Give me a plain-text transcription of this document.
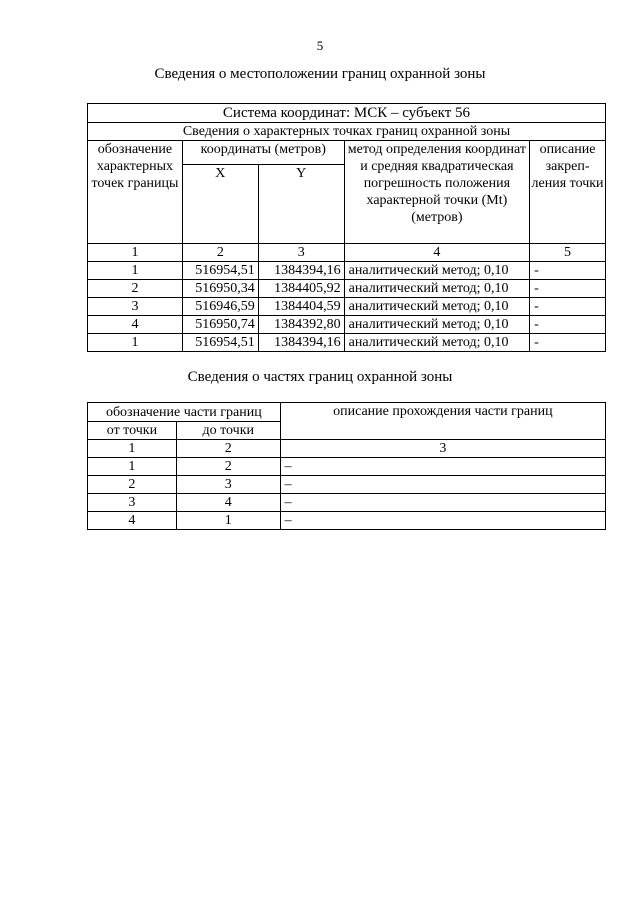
5
Сведения о местоположении границ охранной зоны
Система координат: МСК – субъект 56				
Сведения о характерных точках границ охранной зоны				
обозначение характерных точек границы	координаты (метров)		метод определения координат и средняя квадратическая погрешность положения характерной точки (Mt) (метров)	описание закреп-ления точки
	X	Y		
1	2	3	4	5
1	516954,51	1384394,16	аналитический метод; 0,10	-
2	516950,34	1384405,92	аналитический метод; 0,10	-
3	516946,59	1384404,59	аналитический метод; 0,10	-
4	516950,74	1384392,80	аналитический метод; 0,10	-
1	516954,51	1384394,16	аналитический метод; 0,10	-
Сведения о частях границ охранной зоны
обозначение части границ		описание прохождения части границ
от точки	до точки	
1	2	3
1	2	–
2	3	–
3	4	–
4	1	–
